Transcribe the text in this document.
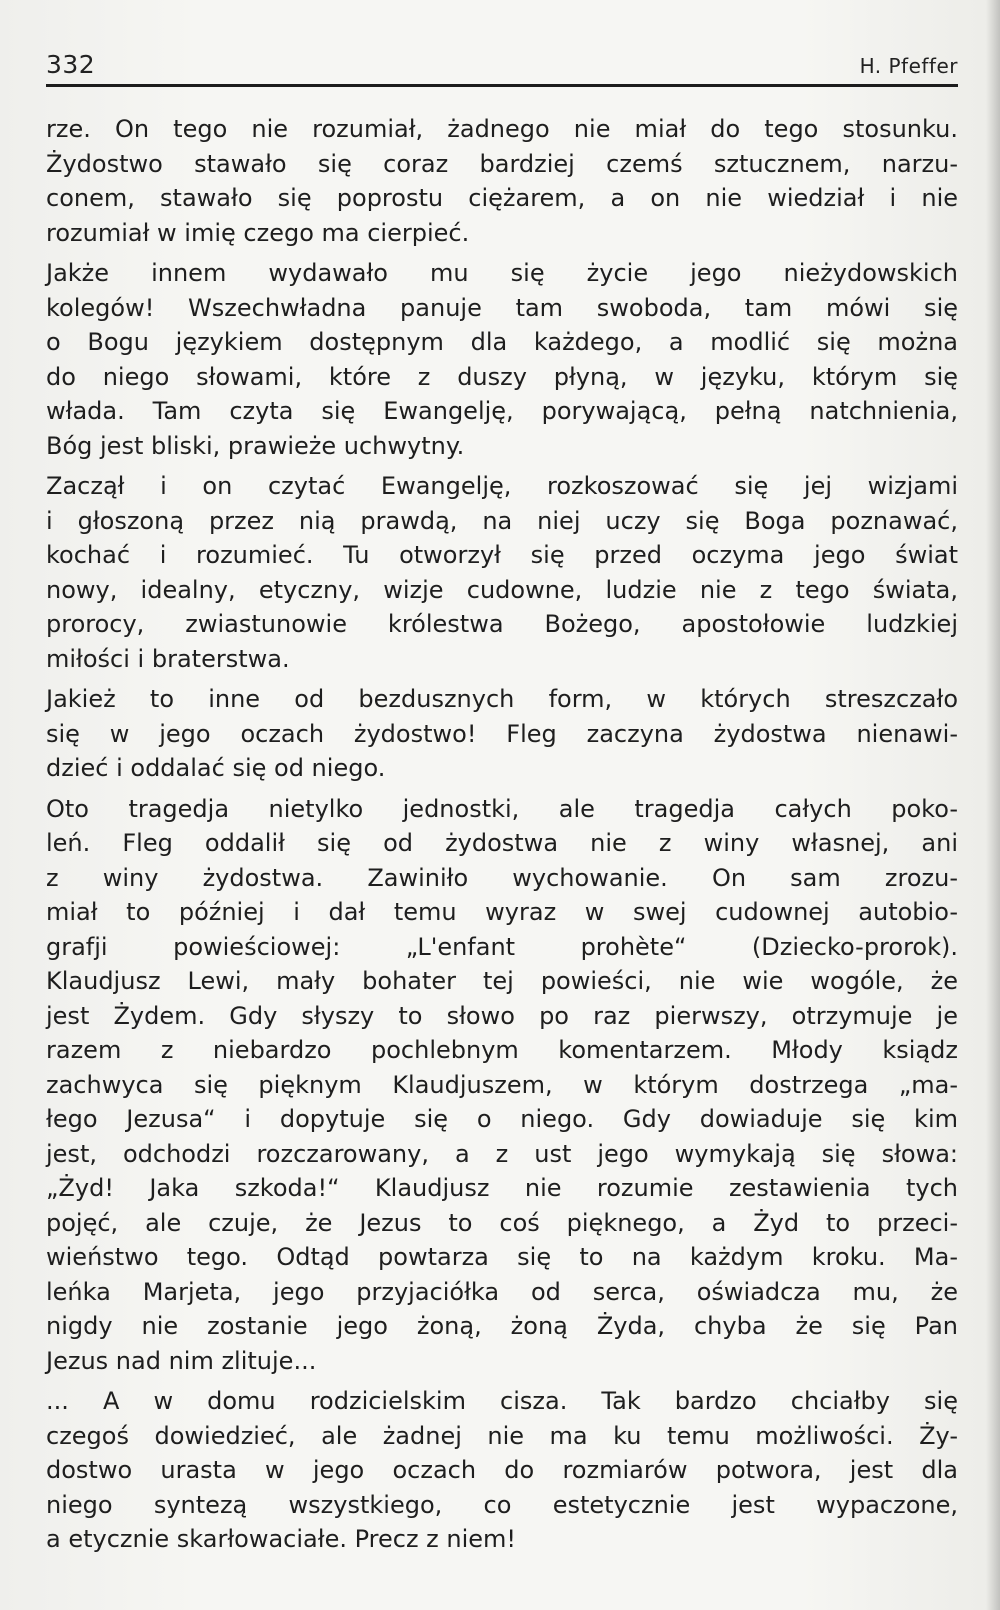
332	H. Pfeffer
rze. On tego nie rozumiał, żadnego nie miał do tego stosunku.
Żydostwo stawało się coraz bardziej czemś sztucznem, narzu-
conem, stawało się poprostu ciężarem, a on nie wiedział i nie
rozumiał w imię czego ma cierpieć.
Jakże innem wydawało mu się życie jego nieżydowskich
kolegów! Wszechwładna panuje tam swoboda, tam mówi się
o Bogu językiem dostępnym dla każdego, a modlić się można
do niego słowami, które z duszy płyną, w języku, którym się
włada. Tam czyta się Ewangelję, porywającą, pełną natchnienia,
Bóg jest bliski, prawieże uchwytny.
Zaczął i on czytać Ewangelję, rozkoszować się jej wizjami
i głoszoną przez nią prawdą, na niej uczy się Boga poznawać,
kochać i rozumieć. Tu otworzył się przed oczyma jego świat
nowy, idealny, etyczny, wizje cudowne, ludzie nie z tego świata,
prorocy, zwiastunowie królestwa Bożego, apostołowie ludzkiej
miłości i braterstwa.
Jakież to inne od bezdusznych form, w których streszczało
się w jego oczach żydostwo! Fleg zaczyna żydostwa nienawi-
dzieć i oddalać się od niego.
Oto tragedja nietylko jednostki, ale tragedja całych poko-
leń. Fleg oddalił się od żydostwa nie z winy własnej, ani
z winy żydostwa. Zawiniło wychowanie. On sam zrozu-
miał to później i dał temu wyraz w swej cudownej autobio-
grafji powieściowej: „L'enfant prohète“ (Dziecko-prorok).
Klaudjusz Lewi, mały bohater tej powieści, nie wie wogóle, że
jest Żydem. Gdy słyszy to słowo po raz pierwszy, otrzymuje je
razem z niebardzo pochlebnym komentarzem. Młody ksiądz
zachwyca się pięknym Klaudjuszem, w którym dostrzega „ma-
łego Jezusa“ i dopytuje się o niego. Gdy dowiaduje się kim
jest, odchodzi rozczarowany, a z ust jego wymykają się słowa:
„Żyd! Jaka szkoda!“ Klaudjusz nie rozumie zestawienia tych
pojęć, ale czuje, że Jezus to coś pięknego, a Żyd to przeci-
wieństwo tego. Odtąd powtarza się to na każdym kroku. Ma-
leńka Marjeta, jego przyjaciółka od serca, oświadcza mu, że
nigdy nie zostanie jego żoną, żoną Żyda, chyba że się Pan
Jezus nad nim zlituje...
... A w domu rodzicielskim cisza. Tak bardzo chciałby się
czegoś dowiedzieć, ale żadnej nie ma ku temu możliwości. Ży-
dostwo urasta w jego oczach do rozmiarów potwora, jest dla
niego syntezą wszystkiego, co estetycznie jest wypaczone,
a etycznie skarłowaciałe. Precz z niem!
